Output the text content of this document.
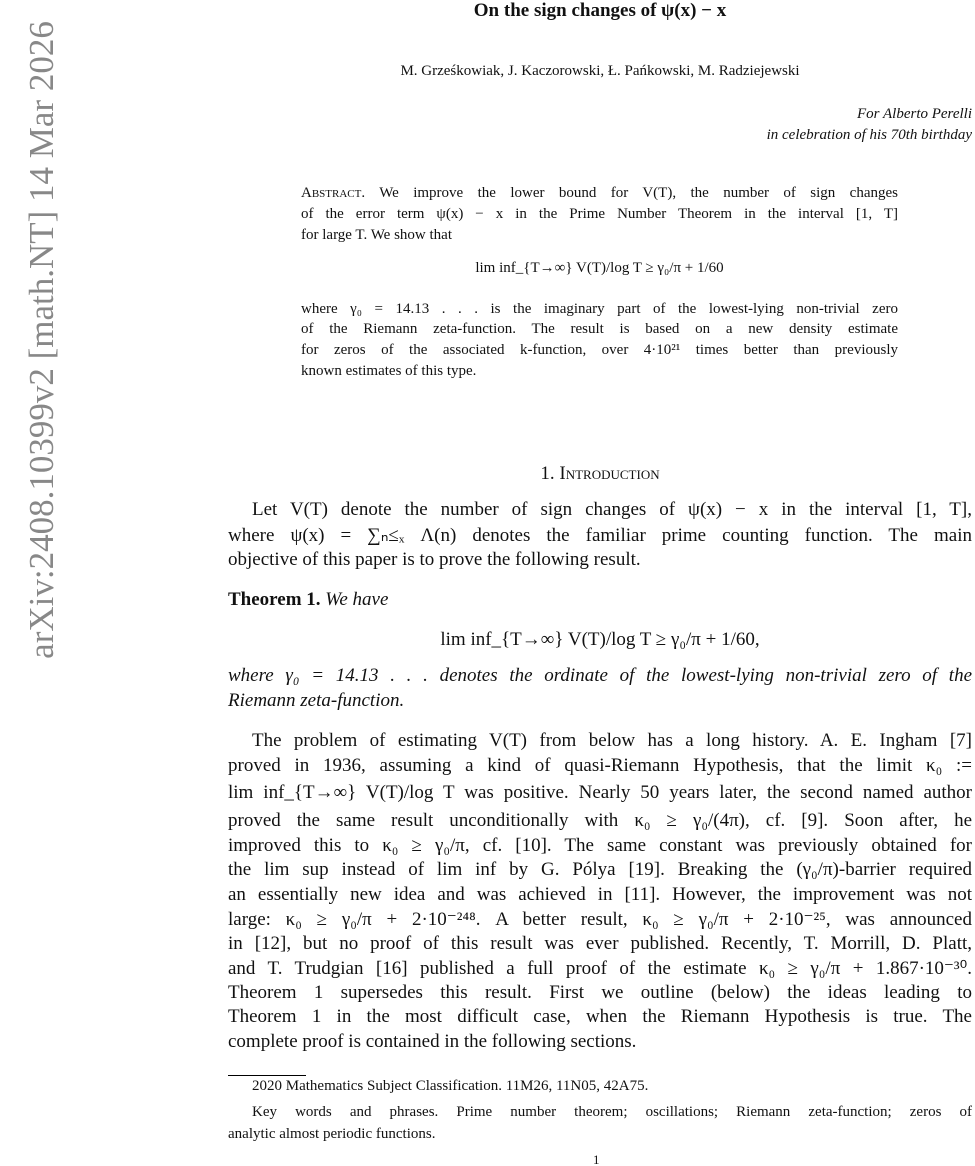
arXiv:2408.10399v2 [math.NT] 14 Mar 2026
On the sign changes of ψ(x) − x
M. Grześkowiak, J. Kaczorowski, Ł. Pańkowski, M. Radziejewski
For Alberto Perelli
in celebration of his 70th birthday
Abstract. We improve the lower bound for V(T), the number of sign changes
of the error term ψ(x) − x in the Prime Number Theorem in the interval [1, T]
for large T. We show that
lim inf_{T→∞} V(T)/log T ≥ γ₀/π + 1/60
where γ₀ = 14.13 . . . is the imaginary part of the lowest-lying non-trivial zero
of the Riemann zeta-function. The result is based on a new density estimate
for zeros of the associated k-function, over 4·10²¹ times better than previously
known estimates of this type.
1. Introduction
Let V(T) denote the number of sign changes of ψ(x) − x in the interval [1, T],
where ψ(x) = ∑ₙ≤ₓ Λ(n) denotes the familiar prime counting function. The main
objective of this paper is to prove the following result.
Theorem 1. We have
lim inf_{T→∞} V(T)/log T ≥ γ₀/π + 1/60,
where γ₀ = 14.13 . . . denotes the ordinate of the lowest-lying non-trivial zero of the
Riemann zeta-function.
The problem of estimating V(T) from below has a long history. A. E. Ingham [7]
proved in 1936, assuming a kind of quasi-Riemann Hypothesis, that the limit κ₀ :=
lim inf_{T→∞} V(T)/log T was positive. Nearly 50 years later, the second named author
proved the same result unconditionally with κ₀ ≥ γ₀/(4π), cf. [9]. Soon after, he
improved this to κ₀ ≥ γ₀/π, cf. [10]. The same constant was previously obtained for
the lim sup instead of lim inf by G. Pólya [19]. Breaking the (γ₀/π)-barrier required
an essentially new idea and was achieved in [11]. However, the improvement was not
large: κ₀ ≥ γ₀/π + 2·10⁻²⁴⁸. A better result, κ₀ ≥ γ₀/π + 2·10⁻²⁵, was announced
in [12], but no proof of this result was ever published. Recently, T. Morrill, D. Platt,
and T. Trudgian [16] published a full proof of the estimate κ₀ ≥ γ₀/π + 1.867·10⁻³⁰.
Theorem 1 supersedes this result. First we outline (below) the ideas leading to
Theorem 1 in the most difficult case, when the Riemann Hypothesis is true. The
complete proof is contained in the following sections.
2020 Mathematics Subject Classification. 11M26, 11N05, 42A75.
Key words and phrases. Prime number theorem; oscillations; Riemann zeta-function; zeros of
analytic almost periodic functions.
1
